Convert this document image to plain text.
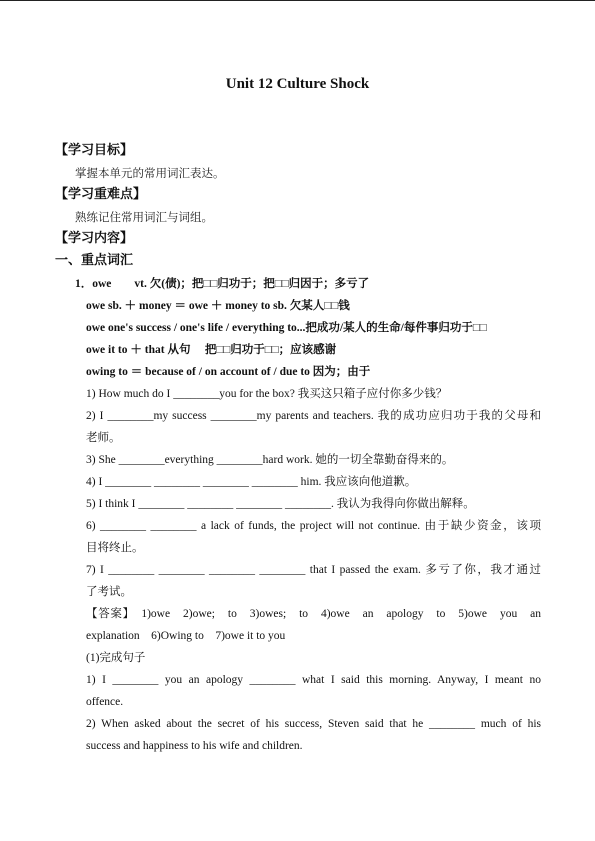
Unit 12 Culture Shock
【学习目标】
掌握本单元的常用词汇表达。
【学习重难点】
熟练记住常用词汇与词组。
【学习内容】
一、重点词汇
1．owe　　vt. 欠(债)；把□□归功于；把□□归因于；多亏了
owe sb. ＋ money ＝ owe ＋ money to sb. 欠某人□□钱
owe one's success / one's life / everything to...把成功/某人的生命/每件事归功于□□
owe it to ＋ that 从句　 把□□归功于□□；应该感谢
owing to ＝ because of / on account of / due to 因为；由于
1) How much do I ________you for the box? 我买这只箱子应付你多少钱？
2) I ________my success ________my parents and teachers. 我的成功应归功于我的父母和
老师。
3) She ________everything ________hard work. 她的一切全靠勤奋得来的。
4) I ________ ________ ________ ________ him. 我应该向他道歉。
5) I think I ________ ________ ________ ________. 我认为我得向你做出解释。
6) ________ ________ a lack of funds, the project will not continue. 由于缺少资金，该项
目将终止。
7) I ________ ________ ________ ________ that I passed the exam. 多亏了你，我才通过
了考试。
【答案】　1)owe　2)owe;　to　3)owes;　to　4)owe　an　apology　to　5)owe　you　an
explanation　6)Owing to　7)owe it to you
(1)完成句子
1) I ________ you an apology ________ what I said this morning. Anyway, I meant no
offence.
2) When asked about the secret of his success, Steven said that he ________ much of his
success and happiness to his wife and children.
